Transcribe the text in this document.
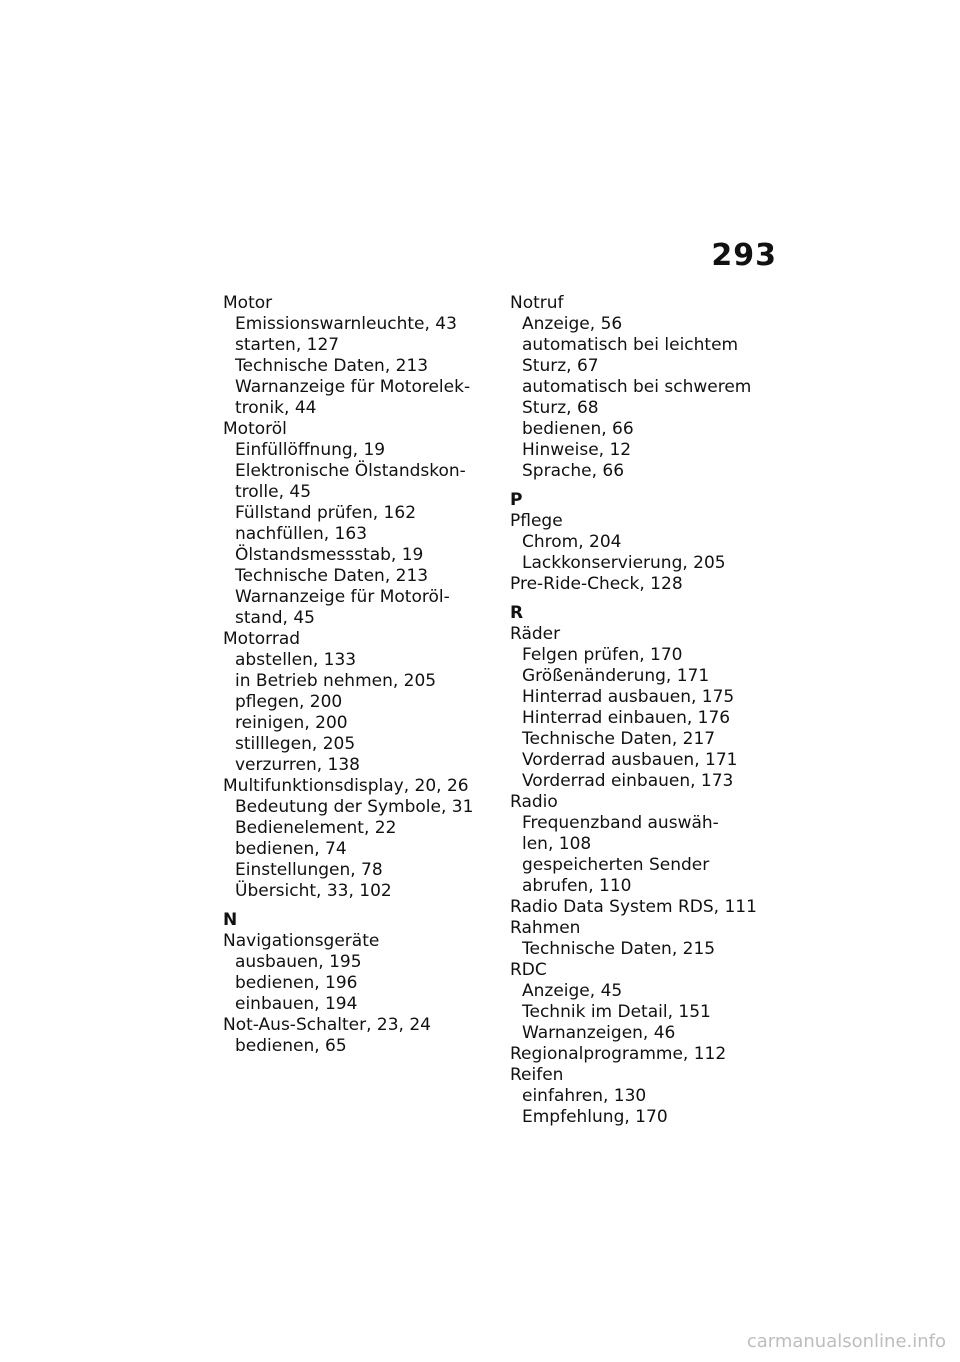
293
Motor
Emissionswarnleuchte, 43
starten, 127
Technische Daten, 213
Warnanzeige für Motorelek-
tronik, 44
Motoröl
Einfüllöffnung, 19
Elektronische Ölstandskon-
trolle, 45
Füllstand prüfen, 162
nachfüllen, 163
Ölstandsmessstab, 19
Technische Daten, 213
Warnanzeige für Motoröl-
stand, 45
Motorrad
abstellen, 133
in Betrieb nehmen, 205
pflegen, 200
reinigen, 200
stilllegen, 205
verzurren, 138
Multifunktionsdisplay, 20, 26
Bedeutung der Symbole, 31
Bedienelement, 22
bedienen, 74
Einstellungen, 78
Übersicht, 33, 102
N
Navigationsgeräte
ausbauen, 195
bedienen, 196
einbauen, 194
Not-Aus-Schalter, 23, 24
bedienen, 65
Notruf
Anzeige, 56
automatisch bei leichtem
Sturz, 67
automatisch bei schwerem
Sturz, 68
bedienen, 66
Hinweise, 12
Sprache, 66
P
Pflege
Chrom, 204
Lackkonservierung, 205
Pre-Ride-Check, 128
R
Räder
Felgen prüfen, 170
Größenänderung, 171
Hinterrad ausbauen, 175
Hinterrad einbauen, 176
Technische Daten, 217
Vorderrad ausbauen, 171
Vorderrad einbauen, 173
Radio
Frequenzband auswäh-
len, 108
gespeicherten Sender
abrufen, 110
Radio Data System RDS, 111
Rahmen
Technische Daten, 215
RDC
Anzeige, 45
Technik im Detail, 151
Warnanzeigen, 46
Regionalprogramme, 112
Reifen
einfahren, 130
Empfehlung, 170
carmanualsonline.info
